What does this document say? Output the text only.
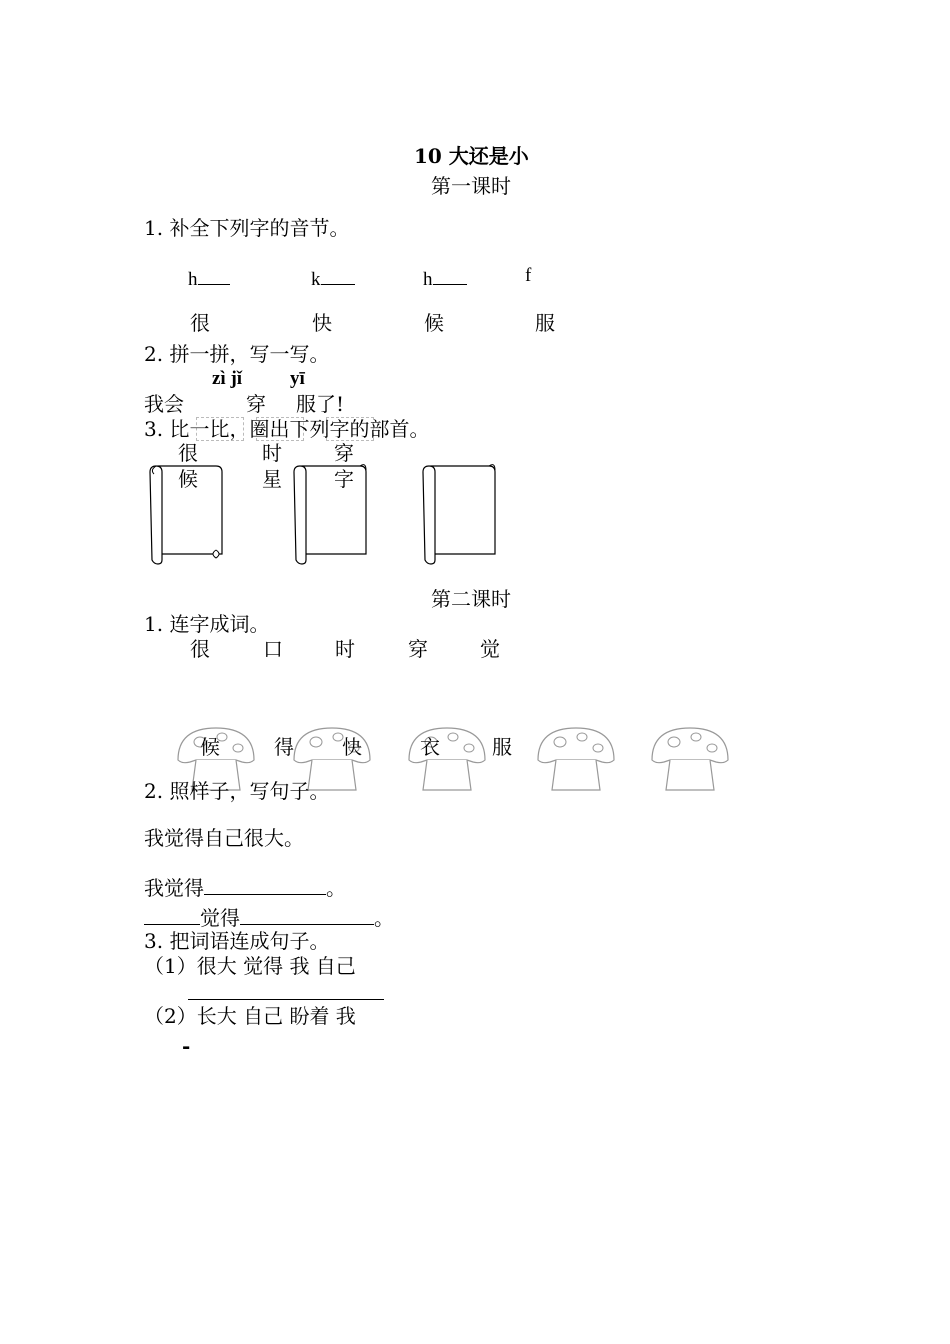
10 大还是小
第一课时
1. 补全下列字的音节。
h	k	h	f
很	快	候	服
2. 拼一拼，写一写。
zì jǐ	yī
我会	穿 服了!
3. 比一比，圈出下列字的部首。
很	时	穿
候	星	字
第二课时
1. 连字成词。
很	口	时	穿	觉
候	得 快	衣	服
2. 照样子，写句子。
我觉得自己很大。
我觉得	。
觉得	。
3. 把词语连成句子。
（1）很大 觉得 我 自己
（2）长大 自己 盼着 我
-
